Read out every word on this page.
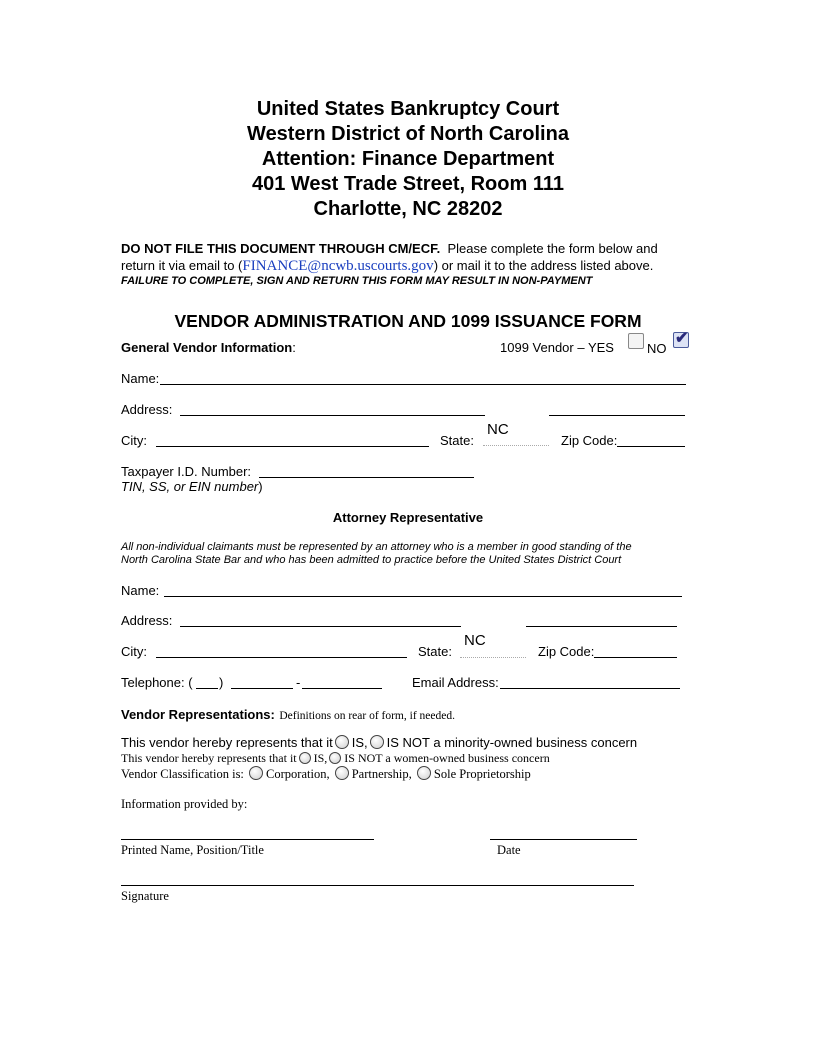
United States Bankruptcy Court
Western District of North Carolina
Attention: Finance Department
401 West Trade Street, Room 111
Charlotte, NC 28202
DO NOT FILE THIS DOCUMENT THROUGH CM/ECF.  Please complete the form below and
return it via email to (FINANCE@ncwb.uscourts.gov) or mail it to the address listed above.
FAILURE TO COMPLETE, SIGN AND RETURN THIS FORM MAY RESULT IN NON-PAYMENT
VENDOR ADMINISTRATION AND 1099 ISSUANCE FORM
General Vendor Information:	1099 Vendor – YES	NO
✔
Name:
Address:
City:	State:
NC
Zip Code:
Taxpayer I.D. Number:
TIN, SS, or EIN number)
Attorney Representative
All non-individual claimants must be represented by an attorney who is a member in good standing of the
North Carolina State Bar and who has been admitted to practice before the United States District Court
Name:
Address:
City:	State:
NC
Zip Code:
Telephone: ( )	-	Email Address:
Vendor Representations: Definitions on rear of form, if needed.
This vendor hereby represents that it IS, IS NOT a minority-owned business concern
This vendor hereby represents that it IS, IS NOT a women-owned business concern
Vendor Classification is: Corporation, Partnership, Sole Proprietorship
Information provided by:
Printed Name, Position/Title	Date
Signature
